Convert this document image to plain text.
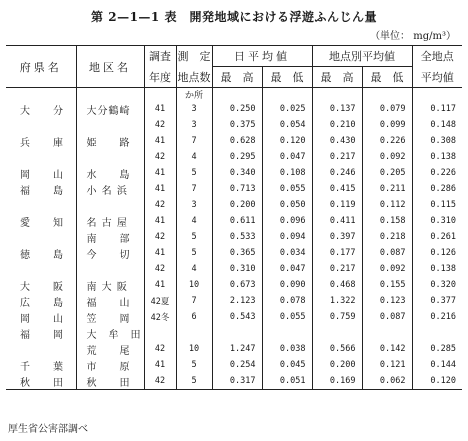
第 2—1—1 表　開発地域における浮遊ふんじん量
（単位： mg/m³）
府県名	地区名	調査	測　定	日平均値		地点別平均値		全地点
		年度	地点数	最　高	最　低	最　高	最　低	平均値
			か所					
大　　分	大分鶴崎	41	3	0.250	0.025	0.137	0.079	0.117
		42	3	0.375	0.054	0.210	0.099	0.148
兵　　庫	姫　　路	41	7	0.628	0.120	0.430	0.226	0.308
		42	4	0.295	0.047	0.217	0.092	0.138
岡　　山	水　　島	41	5	0.340	0.108	0.246	0.205	0.226
福　　島	小 名 浜	41	7	0.713	0.055	0.415	0.211	0.286
		42	3	0.200	0.050	0.119	0.112	0.115
愛　　知	名 古 屋	41	4	0.611	0.096	0.411	0.158	0.310
	南　　部	42	5	0.533	0.094	0.397	0.218	0.261
徳　　島	今　　切	41	5	0.365	0.034	0.177	0.087	0.126
		42	4	0.310	0.047	0.217	0.092	0.138
大　　阪	南 大 阪	41	10	0.673	0.090	0.468	0.155	0.320
広　　島	福　　山	42夏	7	2.123	0.078	1.322	0.123	0.377
岡　　山	笠　　岡	42冬	6	0.543	0.055	0.759	0.087	0.216
福　　岡	大　牟　田							
	荒　　尾	42	10	1.247	0.038	0.566	0.142	0.285
千　　葉	市　　原	41	5	0.254	0.045	0.200	0.121	0.144
秋　　田	秋　　田	42	5	0.317	0.051	0.169	0.062	0.120
厚生省公害部調べ
